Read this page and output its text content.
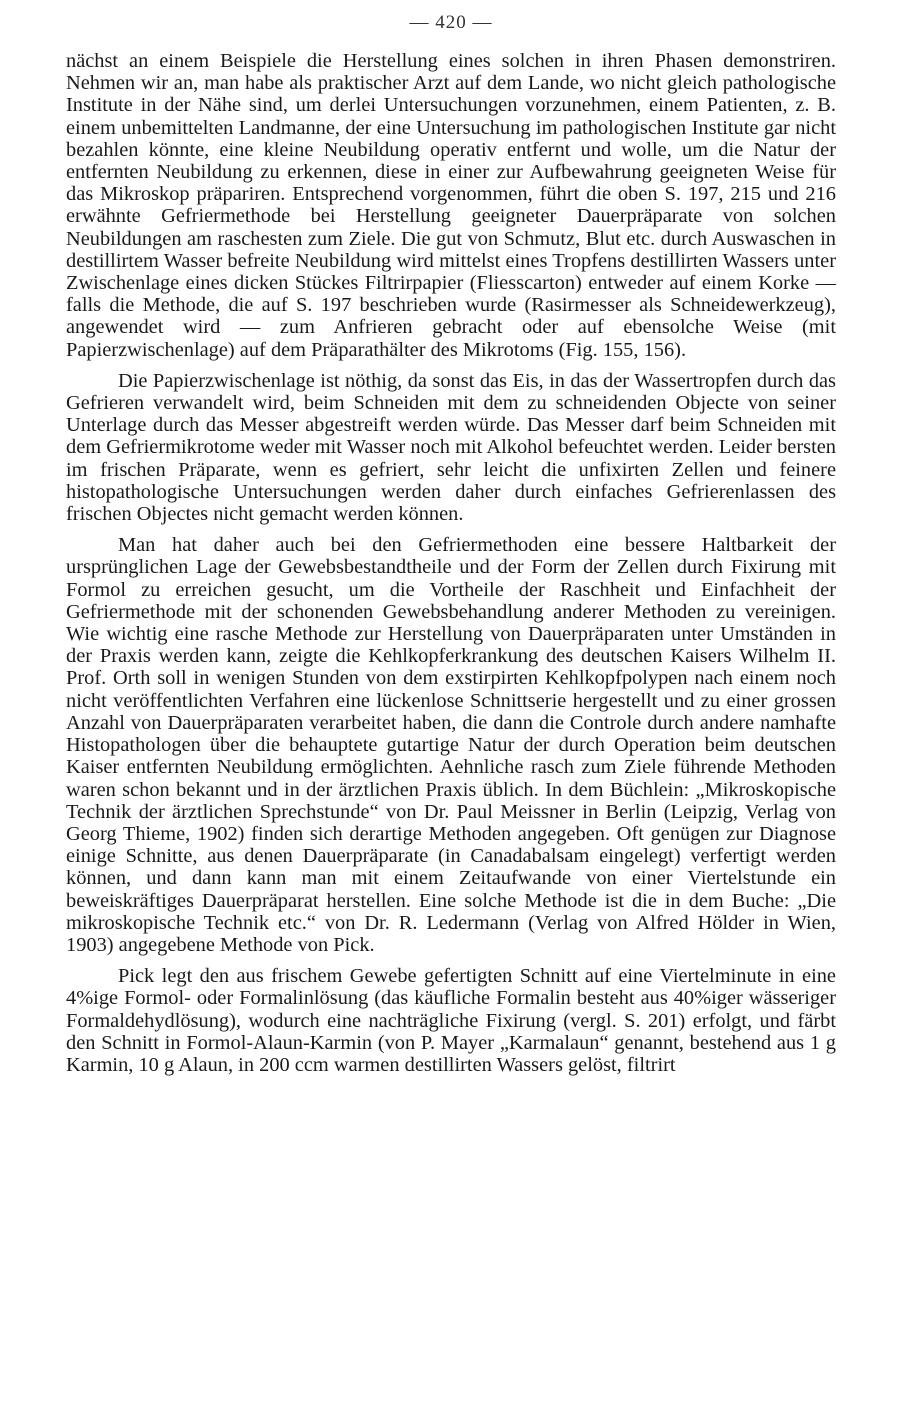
— 420 —

nächst an einem Beispiele die Herstellung eines solchen in ihren Phasen demonstriren. Nehmen wir an, man habe als praktischer Arzt auf dem Lande, wo nicht gleich pathologische Institute in der Nähe sind, um derlei Untersuchungen vorzunehmen, einem Patienten, z. B. einem unbemittelten Landmanne, der eine Untersuchung im pathologischen Institute gar nicht bezahlen könnte, eine kleine Neubildung operativ entfernt und wolle, um die Natur der entfernten Neubildung zu erkennen, diese in einer zur Aufbewahrung geeigneten Weise für das Mikroskop präpariren. Entsprechend vorgenommen, führt die oben S. 197, 215 und 216 erwähnte Gefriermethode bei Herstellung geeigneter Dauerpräparate von solchen Neubildungen am raschesten zum Ziele. Die gut von Schmutz, Blut etc. durch Auswaschen in destillirtem Wasser befreite Neubildung wird mittelst eines Tropfens destillirten Wassers unter Zwischenlage eines dicken Stückes Filtrirpapier (Fliesscarton) entweder auf einem Korke — falls die Methode, die auf S. 197 beschrieben wurde (Rasirmesser als Schneidewerkzeug), angewendet wird — zum Anfrieren gebracht oder auf ebensolche Weise (mit Papierzwischenlage) auf dem Präparathälter des Mikrotoms (Fig. 155, 156).

Die Papierzwischenlage ist nöthig, da sonst das Eis, in das der Wassertropfen durch das Gefrieren verwandelt wird, beim Schneiden mit dem zu schneidenden Objecte von seiner Unterlage durch das Messer abgestreift werden würde. Das Messer darf beim Schneiden mit dem Gefriermikrotome weder mit Wasser noch mit Alkohol befeuchtet werden. Leider bersten im frischen Präparate, wenn es gefriert, sehr leicht die unfixirten Zellen und feinere histopathologische Untersuchungen werden daher durch einfaches Gefrierenlassen des frischen Objectes nicht gemacht werden können.

Man hat daher auch bei den Gefriermethoden eine bessere Haltbarkeit der ursprünglichen Lage der Gewebsbestandtheile und der Form der Zellen durch Fixirung mit Formol zu erreichen gesucht, um die Vortheile der Raschheit und Einfachheit der Gefriermethode mit der schonenden Gewebsbehandlung anderer Methoden zu vereinigen. Wie wichtig eine rasche Methode zur Herstellung von Dauerpräparaten unter Umständen in der Praxis werden kann, zeigte die Kehlkopferkrankung des deutschen Kaisers Wilhelm II. Prof. Orth soll in wenigen Stunden von dem exstirpirten Kehlkopfpolypen nach einem noch nicht veröffentlichten Verfahren eine lückenlose Schnittserie hergestellt und zu einer grossen Anzahl von Dauerpräparaten verarbeitet haben, die dann die Controle durch andere namhafte Histopathologen über die behauptete gutartige Natur der durch Operation beim deutschen Kaiser entfernten Neubildung ermöglichten. Aehnliche rasch zum Ziele führende Methoden waren schon bekannt und in der ärztlichen Praxis üblich. In dem Büchlein: „Mikroskopische Technik der ärztlichen Sprechstunde“ von Dr. Paul Meissner in Berlin (Leipzig, Verlag von Georg Thieme, 1902) finden sich derartige Methoden angegeben. Oft genügen zur Diagnose einige Schnitte, aus denen Dauerpräparate (in Canadabalsam eingelegt) verfertigt werden können, und dann kann man mit einem Zeitaufwande von einer Viertelstunde ein beweiskräftiges Dauerpräparat herstellen. Eine solche Methode ist die in dem Buche: „Die mikroskopische Technik etc.“ von Dr. R. Ledermann (Verlag von Alfred Hölder in Wien, 1903) angegebene Methode von Pick.

Pick legt den aus frischem Gewebe gefertigten Schnitt auf eine Viertelminute in eine 4%ige Formol- oder Formalinlösung (das käufliche Formalin besteht aus 40%iger wässeriger Formaldehydlösung), wodurch eine nachträgliche Fixirung (vergl. S. 201) erfolgt, und färbt den Schnitt in Formol-Alaun-Karmin (von P. Mayer „Karmalaun“ genannt, bestehend aus 1 g Karmin, 10 g Alaun, in 200 ccm warmen destillirten Wassers gelöst, filtrirt
